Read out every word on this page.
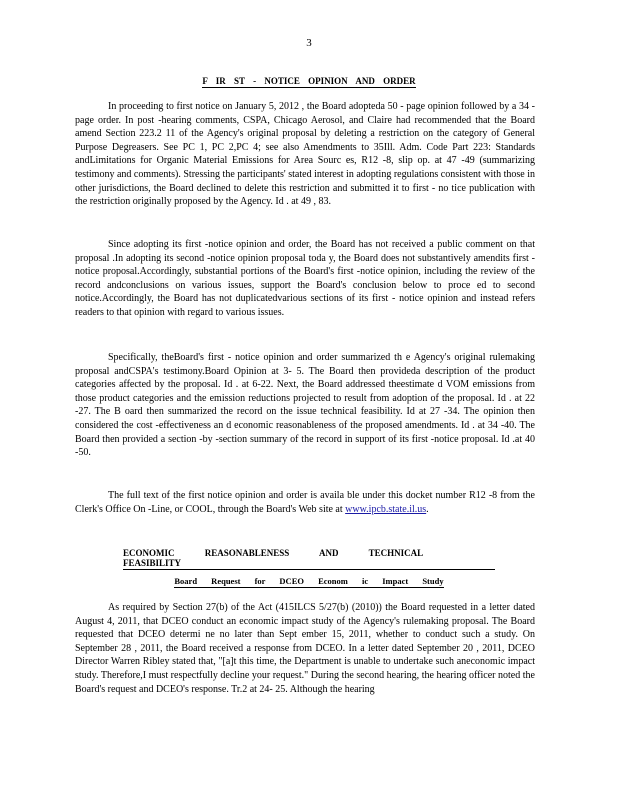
3
F IR ST - NOTICE OPINION AND ORDER

In proceeding to first notice on January 5, 2012 , the Board adopteda 50 - page opinion followed by a 34 -page order. In post -hearing comments, CSPA, Chicago Aerosol, and Claire had recommended that the Board amend Section 223.2 11 of the Agency's original proposal by deleting a restriction on the category of General Purpose Degreasers. See PC 1, PC 2,PC 4; see also Amendments to 35Ill. Adm. Code Part 223: Standards andLimitations for Organic Material Emissions for Area Sourc es, R12 -8, slip op. at 47 -49 (summarizing testimony and comments). Stressing the participants' stated interest in adopting regulations consistent with those in other jurisdictions, the Board declined to delete this restriction and submitted it to first - no tice publication with the restriction originally proposed by the Agency. Id . at 49 , 83.

Since adopting its first -notice opinion and order, the Board has not received a public comment on that proposal .In adopting its second -notice opinion proposal toda y, the Board does not substantively amendits first - notice proposal.Accordingly, substantial portions of the Board's first -notice opinion, including the review of the record andconclusions on various issues, support the Board's conclusion below to proce ed to second notice.Accordingly, the Board has not duplicatedvarious sections of its first - notice opinion and instead refers readers to that opinion with regard to various issues.

Specifically, theBoard's first - notice opinion and order summarized th e Agency's original rulemaking proposal andCSPA's testimony.Board Opinion at 3- 5. The Board then provideda description of the product categories affected by the proposal. Id . at 6-22. Next, the Board addressed theestimate d VOM emissions from those product categories and the emission reductions projected to result from adoption of the proposal. Id . at 22 -27. The B oard then summarized the record on the issue technical feasibility. Id at 27 -34. The opinion then considered the cost -effectiveness an d economic reasonableness of the proposed amendments. Id . at 34 -40. The Board then provided a section -by -section summary of the record in support of its first -notice proposal. Id .at 40 -50.

The full text of the first notice opinion and order is availa ble under this docket number R12 -8 from the Clerk's Office On -Line, or COOL, through the Board's Web site at www.ipcb.state.il.us.

ECONOMIC REASONABLENESS AND TECHNICAL FEASIBILITY
Board Request for DCEO Econom ic Impact Study

As required by Section 27(b) of the Act (415ILCS 5/27(b) (2010)) the Board requested in a letter dated August 4, 2011, that DCEO conduct an economic impact study of the Agency's rulemaking proposal. The Board requested that DCEO determi ne no later than Sept ember 15, 2011, whether to conduct such a study. On September 28 , 2011, the Board received a response from DCEO. In a letter dated September 20 , 2011, DCEO Director Warren Ribley stated that, "[a]t this time, the Department is unable to undertake such aneconomic impact study. Therefore,I must respectfully decline your request." During the second hearing, the hearing officer noted the Board's request and DCEO's response. Tr.2 at 24- 25. Although the hearing
